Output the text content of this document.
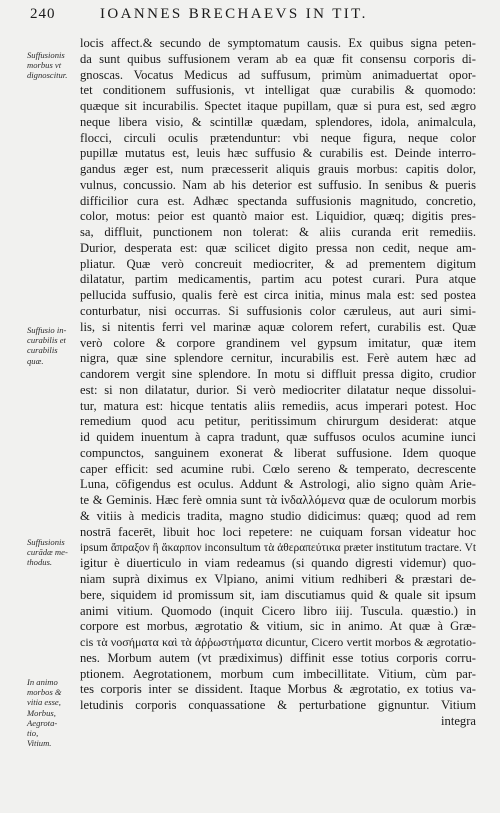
240	IOANNES BRECHAEVS IN TIT.
locis affect.& secundo de symptomatum causis. Ex quibus signa peten-
da sunt quibus suffusionem veram ab ea quæ fit consensu corporis di-
gnoscas. Vocatus Medicus ad suffusum, primùm animaduertat opor-
tet conditionem suffusionis, vt intelligat quæ curabilis & quomodo:
quæque sit incurabilis. Spectet itaque pupillam, quæ si pura est, sed ægro
neque libera visio, & scintillæ quædam, splendores, idola, animalcula,
flocci, circuli oculis prætenduntur: vbi neque figura, neque color
pupillæ mutatus est, leuis hæc suffusio & curabilis est. Deinde interro-
gandus æger est, num præcesserit aliquis grauis morbus: capitis dolor,
vulnus, concussio. Nam ab his deterior est suffusio. In senibus & pueris
difficilior cura est. Adhæc spectanda suffusionis magnitudo, concretio,
color, motus: peior est quantò maior est. Liquidior, quæq; digitis pres-
sa, diffluit, punctionem non tolerat: & aliis curanda erit remediis.
Durior, desperata est: quæ scilicet digito pressa non cedit, neque am-
pliatur. Quæ verò concreuit mediocriter, & ad prementem digitum
dilatatur, partim medicamentis, partim acu potest curari. Pura atque
pellucida suffusio, qualis ferè est circa initia, minus mala est: sed postea
conturbatur, nisi occurras. Si suffusionis color cæruleus, aut auri simi-
lis, si nitentis ferri vel marinæ aquæ colorem refert, curabilis est. Quæ
verò colore & corpore grandinem vel gypsum imitatur, quæ item
nigra, quæ sine splendore cernitur, incurabilis est. Ferè autem hæc ad
candorem vergit sine splendore. In motu si diffluit pressa digito, crudior
est: si non dilatatur, durior. Si verò mediocriter dilatatur neque dissolui-
tur, matura est: hicque tentatis aliis remediis, acus imperari potest. Hoc
remedium quod acu petitur, peritissimum chirurgum desiderat: atque
id quidem inuentum à capra tradunt, quæ suffusos oculos acumine iunci
compunctos, sanguinem exonerat & liberat suffusione. Idem quoque
caper efficit: sed acumine rubi. Cœlo sereno & temperato, decrescente
Luna, cōfigendus est oculus. Addunt & Astrologi, alio signo quàm Arie-
te & Geminis. Hæc ferè omnia sunt τὰ ἰνδαλλόμενα quæ de oculorum morbis
& vitiis à medicis tradita, magno studio didicimus: quæq; quod ad rem
nostrā facerēt, libuit hoc loci repetere: ne cuiquam forsan videatur hoc
ipsum ἄπραξον ἢ ἄκαρπον inconsultum τὰ ἀθεραπεύτικα præter institutum tractare. Vt
igitur è diuerticulo in viam redeamus (si quando digresti videmur) quo-
niam suprà diximus ex Vlpiano, animi vitium redhiberi & præstari de-
bere, siquidem id promissum sit, iam discutiamus quid & quale sit ipsum
animi vitium. Quomodo (inquit Cicero libro iiij. Tuscula. quæstio.) in
corpore est morbus, ægrotatio & vitium, sic in animo. At quæ à Græ-
cis τὰ νοσήματα καὶ τὰ ἀῤῥωστήματα dicuntur, Cicero vertit morbos & ægrotatio-
nes. Morbum autem (vt prædiximus) diffinit esse totius corporis corru-
ptionem. Aegrotationem, morbum cum imbecillitate. Vitium, cùm par-
tes corporis inter se dissident. Itaque Morbus & ægrotatio, ex totius va-
letudinis corporis conquassatione & perturbatione gignuntur. Vitium
integra
Suffusionis
morbus vt
dignoscitur.
Suffusio in-
curabilis et
curabilis
quæ.
Suffusionis
curādæ me-
thodus.
In animo
morbos &
vitia esse,
Morbus,
Aegrota-
tio,
Vitium.
